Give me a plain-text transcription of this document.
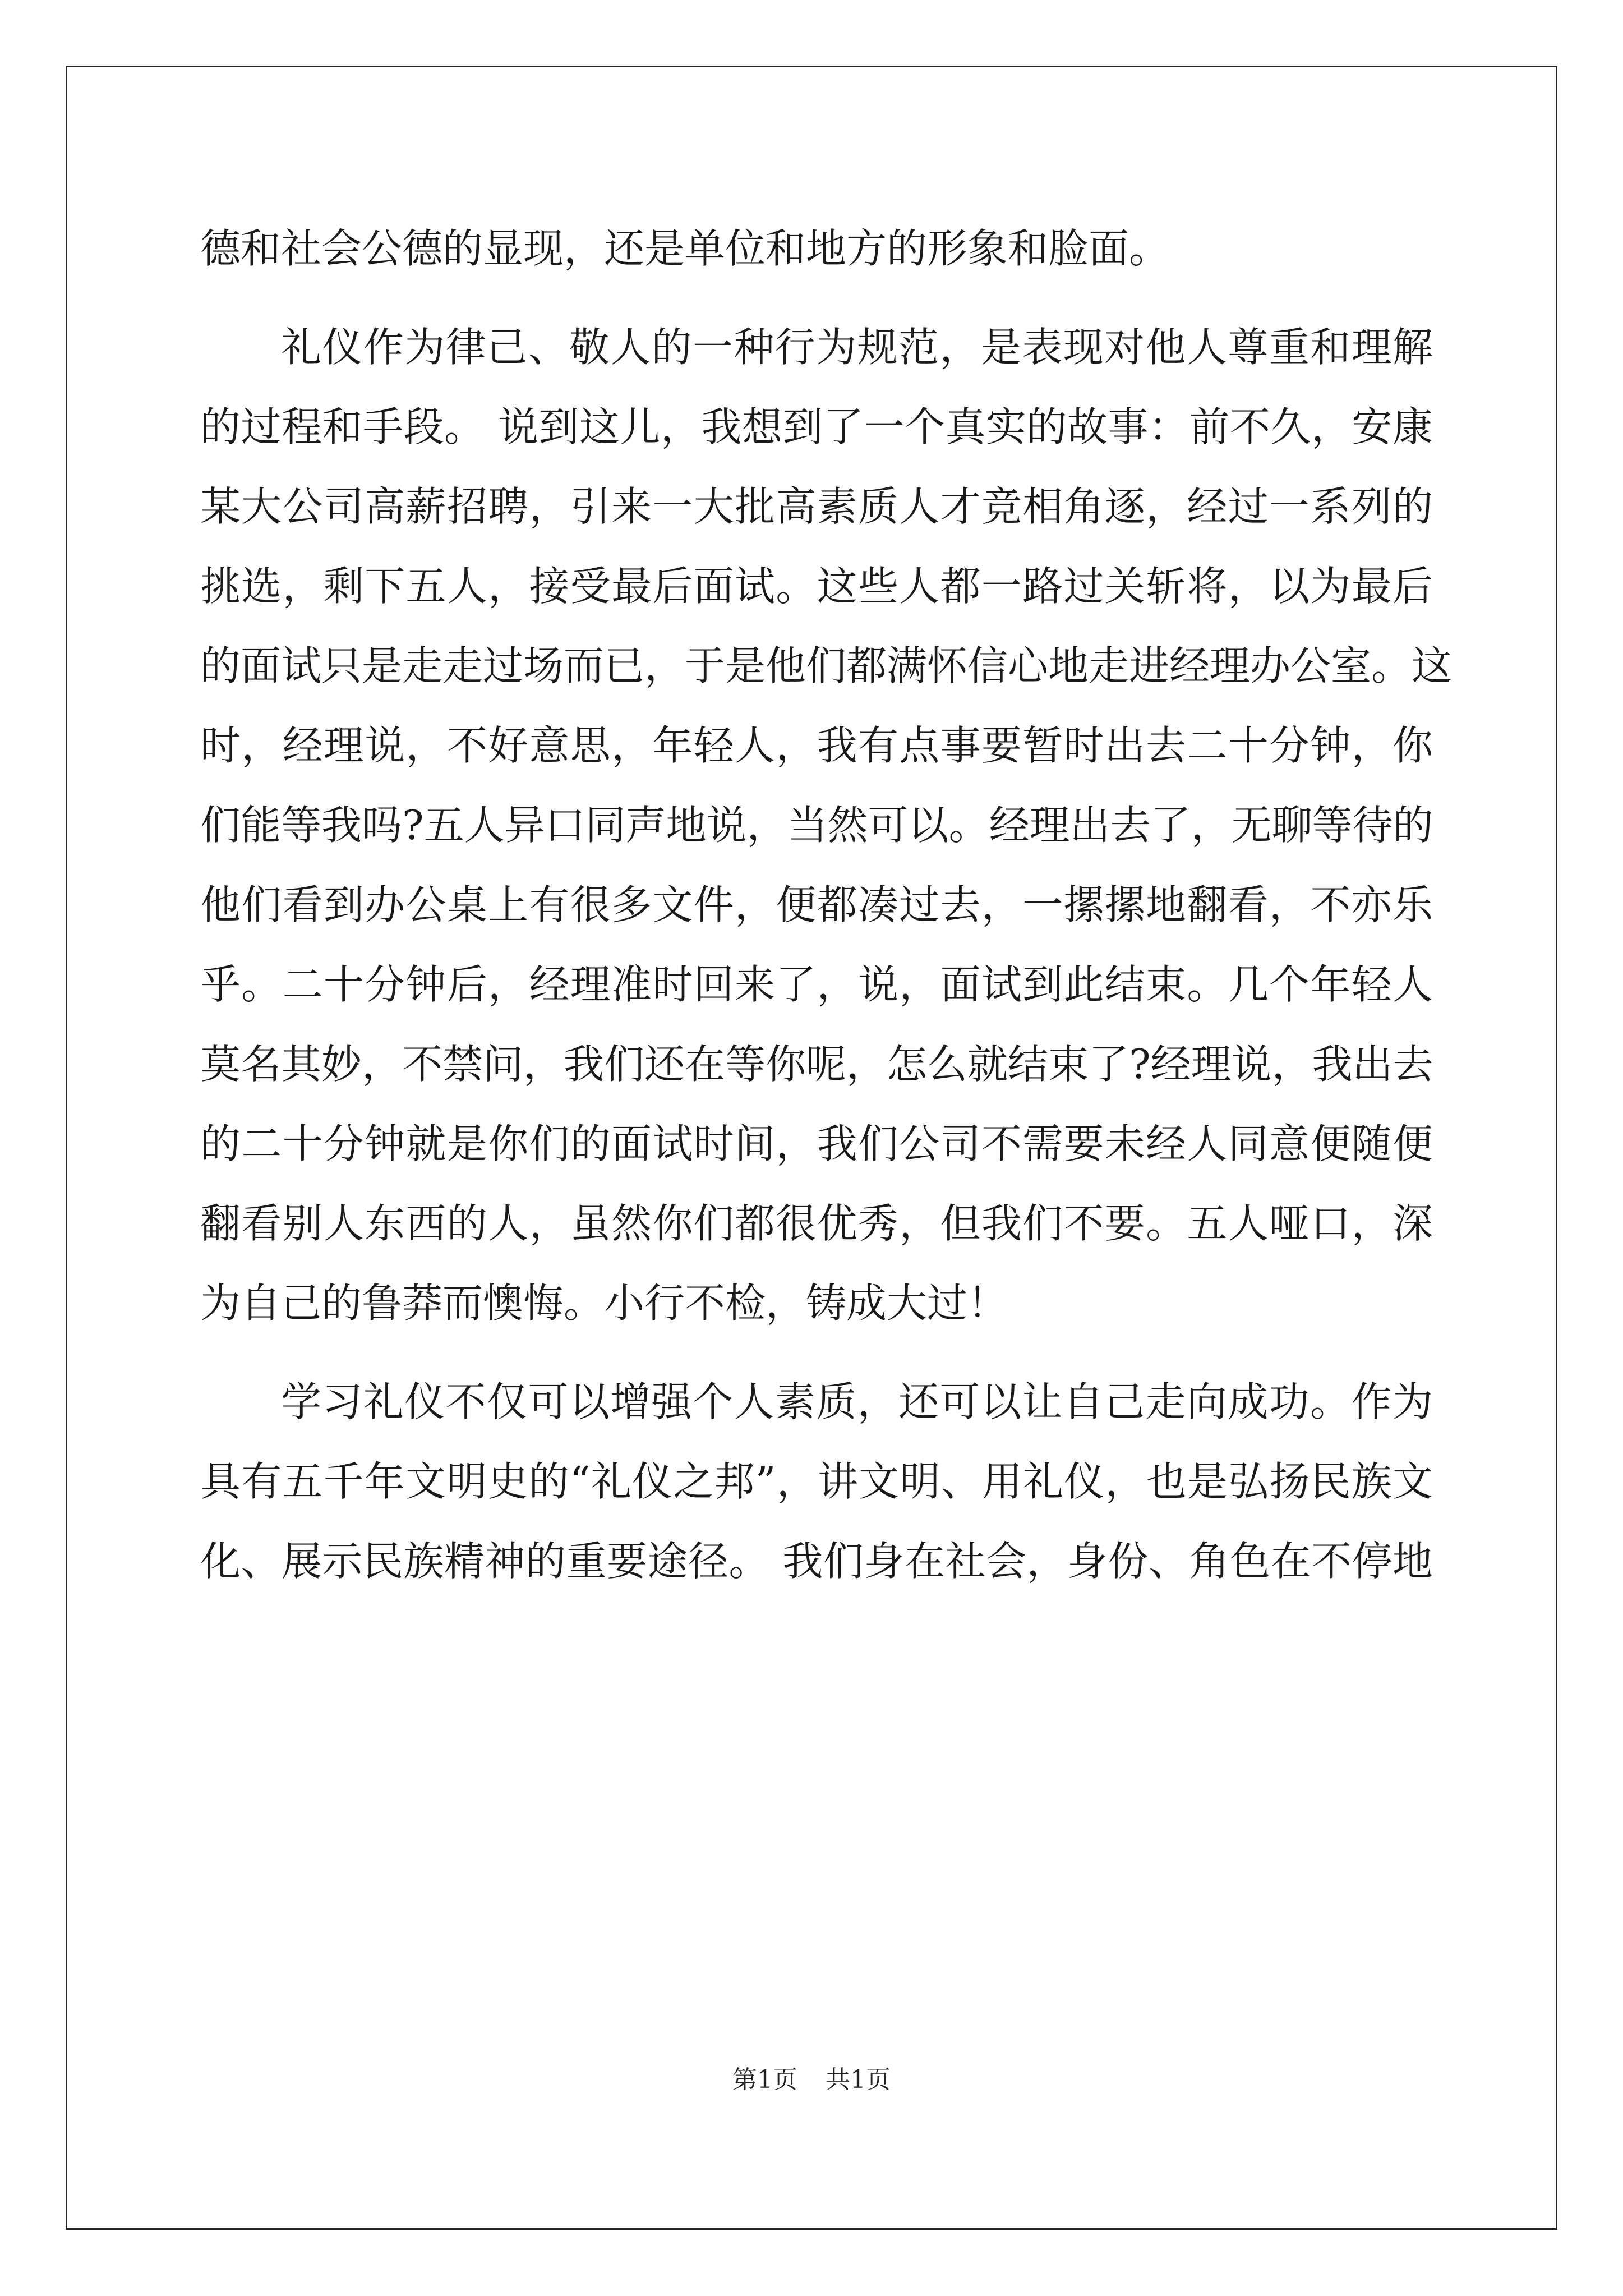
德和社会公德的显现，还是单位和地方的形象和脸面。
礼仪作为律己、敬人的一种行为规范，是表现对他人尊重和理解
的过程和手段。 说到这儿，我想到了一个真实的故事：前不久，安康
某大公司高薪招聘，引来一大批高素质人才竞相角逐，经过一系列的
挑选，剩下五人，接受最后面试。这些人都一路过关斩将，以为最后
的面试只是走走过场而已，于是他们都满怀信心地走进经理办公室。这
时，经理说，不好意思，年轻人，我有点事要暂时出去二十分钟，你
们能等我吗?五人异口同声地说，当然可以。经理出去了，无聊等待的
他们看到办公桌上有很多文件，便都凑过去，一摞摞地翻看，不亦乐
乎。二十分钟后，经理准时回来了，说，面试到此结束。几个年轻人
莫名其妙，不禁问，我们还在等你呢，怎么就结束了?经理说，我出去
的二十分钟就是你们的面试时间，我们公司不需要未经人同意便随便
翻看别人东西的人，虽然你们都很优秀，但我们不要。五人哑口，深
为自己的鲁莽而懊悔。小行不检，铸成大过！
学习礼仪不仅可以增强个人素质，还可以让自己走向成功。作为
具有五千年文明史的“礼仪之邦”，讲文明、用礼仪，也是弘扬民族文
化、展示民族精神的重要途径。 我们身在社会，身份、角色在不停地
第1页 共1页
